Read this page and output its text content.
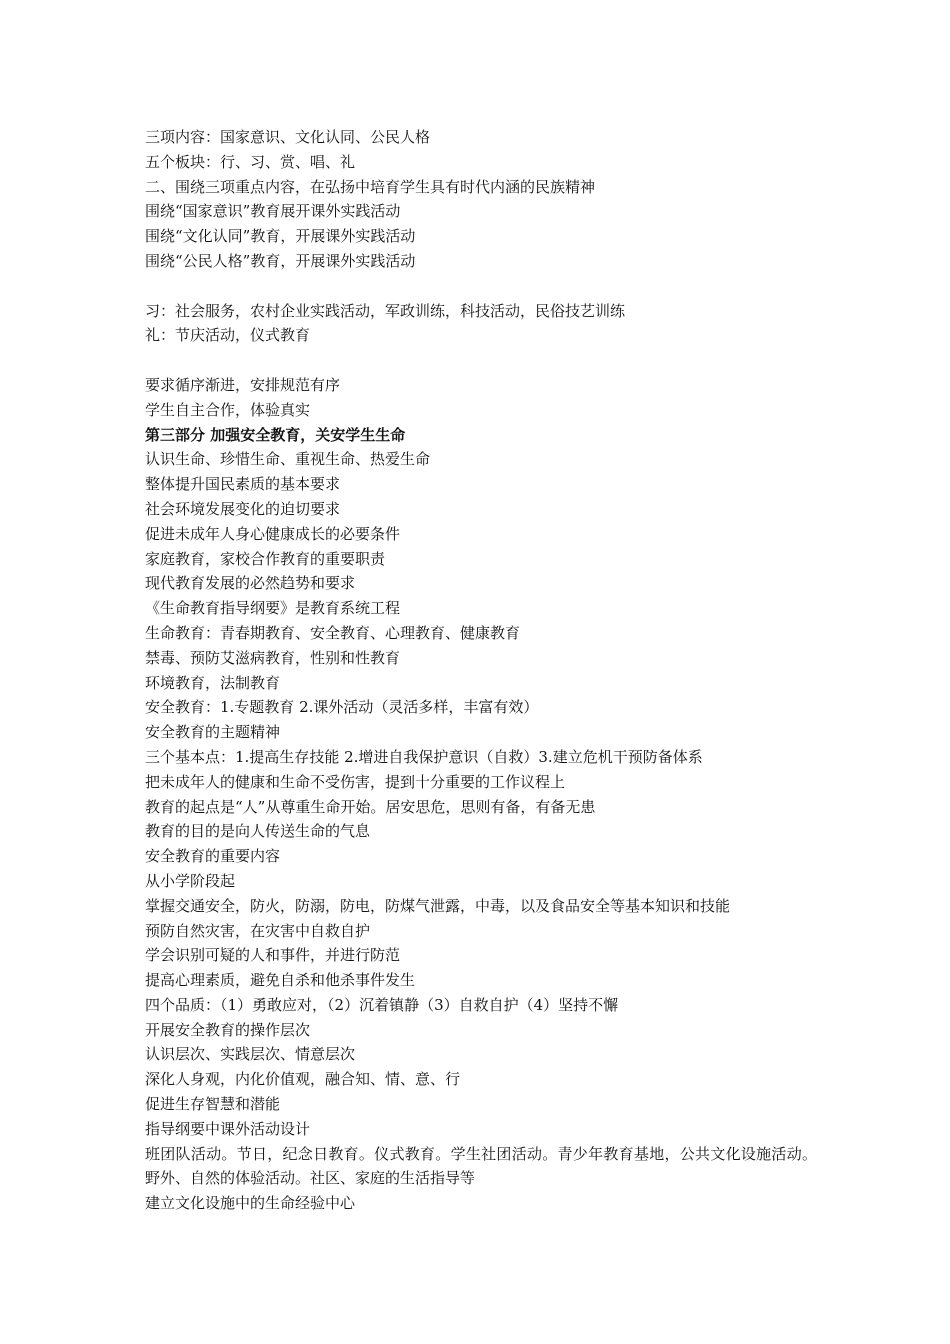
三项内容：国家意识、文化认同、公民人格

五个板块：行、习、赏、唱、礼

二、围绕三项重点内容，在弘扬中培育学生具有时代内涵的民族精神

围绕“国家意识”教育展开课外实践活动

围绕“文化认同”教育，开展课外实践活动

围绕“公民人格”教育，开展课外实践活动

习：社会服务，农村企业实践活动，军政训练，科技活动，民俗技艺训练

礼：节庆活动，仪式教育

要求循序渐进，安排规范有序

学生自主合作，体验真实

第三部分 加强安全教育，关安学生生命

认识生命、珍惜生命、重视生命、热爱生命

整体提升国民素质的基本要求

社会环境发展变化的迫切要求

促进未成年人身心健康成长的必要条件

家庭教育，家校合作教育的重要职责

现代教育发展的必然趋势和要求

《生命教育指导纲要》是教育系统工程

生命教育：青春期教育、安全教育、心理教育、健康教育

禁毒、预防艾滋病教育，性别和性教育

环境教育，法制教育

安全教育：1.专题教育 2.课外活动（灵活多样，丰富有效）

安全教育的主题精神

三个基本点：1.提高生存技能 2.增进自我保护意识（自救）3.建立危机干预防备体系

把未成年人的健康和生命不受伤害，提到十分重要的工作议程上

教育的起点是“人”从尊重生命开始。居安思危，思则有备，有备无患

教育的目的是向人传送生命的气息

安全教育的重要内容

从小学阶段起

掌握交通安全，防火，防溺，防电，防煤气泄露，中毒，以及食品安全等基本知识和技能

预防自然灾害，在灾害中自救自护

学会识别可疑的人和事件，并进行防范

提高心理素质，避免自杀和他杀事件发生

四个品质：（1）勇敢应对，（2）沉着镇静（3）自救自护（4）坚持不懈

开展安全教育的操作层次

认识层次、实践层次、情意层次

深化人身观，内化价值观，融合知、情、意、行

促进生存智慧和潜能

指导纲要中课外活动设计

班团队活动。节日，纪念日教育。仪式教育。学生社团活动。青少年教育基地，公共文化设施活动。野外、自然的体验活动。社区、家庭的生活指导等

建立文化设施中的生命经验中心
